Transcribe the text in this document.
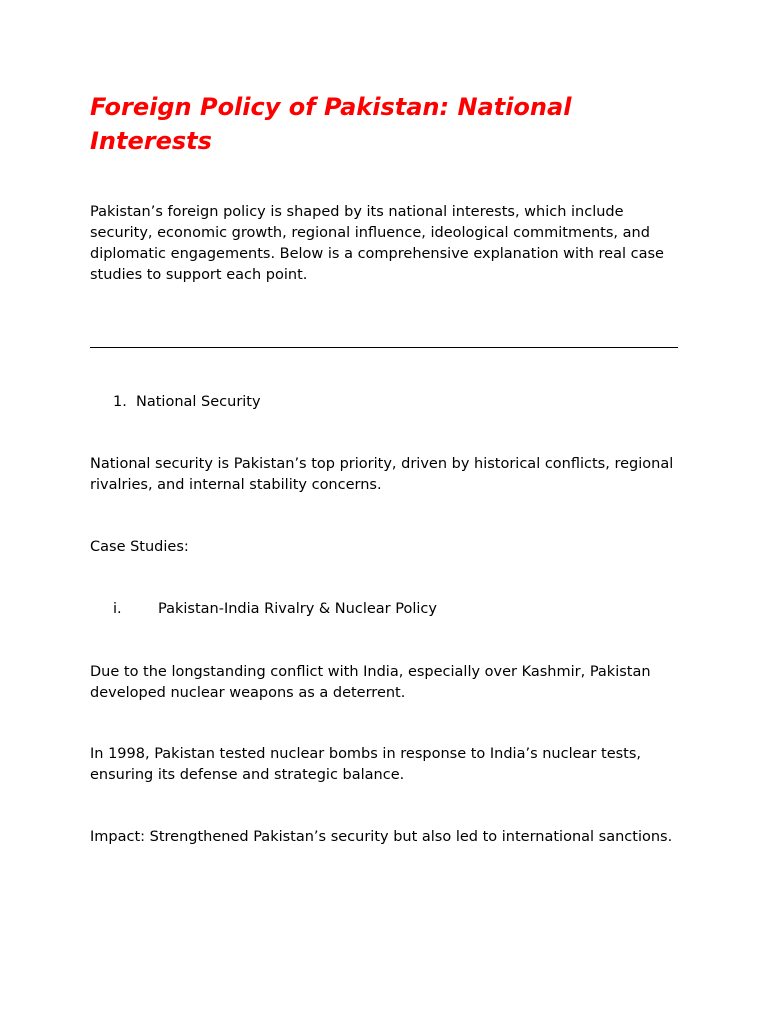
Foreign Policy of Pakistan: National Interests

Pakistan’s foreign policy is shaped by its national interests, which include security, economic growth, regional influence, ideological commitments, and diplomatic engagements. Below is a comprehensive explanation with real case studies to support each point.

1. National Security

National security is Pakistan’s top priority, driven by historical conflicts, regional rivalries, and internal stability concerns.

Case Studies:

i.	Pakistan-India Rivalry & Nuclear Policy

Due to the longstanding conflict with India, especially over Kashmir, Pakistan developed nuclear weapons as a deterrent.

In 1998, Pakistan tested nuclear bombs in response to India’s nuclear tests, ensuring its defense and strategic balance.

Impact: Strengthened Pakistan’s security but also led to international sanctions.
